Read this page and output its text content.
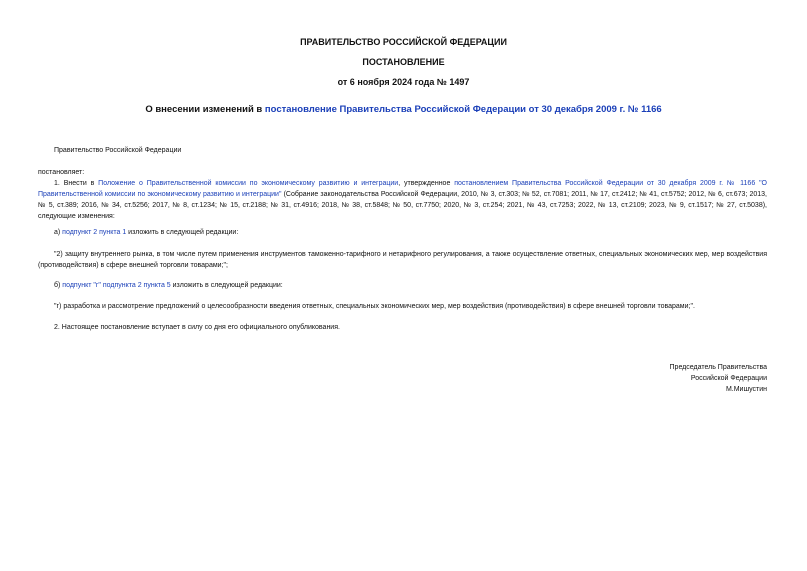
ПРАВИТЕЛЬСТВО РОССИЙСКОЙ ФЕДЕРАЦИИ
ПОСТАНОВЛЕНИЕ
от 6 ноября 2024 года № 1497
О внесении изменений в постановление Правительства Российской Федерации от 30 декабря 2009 г. № 1166

Правительство Российской Федерации

постановляет:

1. Внести в Положение о Правительственной комиссии по экономическому развитию и интеграции, утвержденное постановлением Правительства Российской Федерации от 30 декабря 2009 г. № 1166 "О Правительственной комиссии по экономическому развитию и интеграции" (Собрание законодательства Российской Федерации, 2010, № 3, ст.303; № 52, ст.7081; 2011, № 17, ст.2412; № 41, ст.5752; 2012, № 6, ст.673; 2013, № 5, ст.389; 2016, № 34, ст.5256; 2017, № 8, ст.1234; № 15, ст.2188; № 31, ст.4916; 2018, № 38, ст.5848; № 50, ст.7750; 2020, № 3, ст.254; 2021, № 43, ст.7253; 2022, № 13, ст.2109; 2023, № 9, ст.1517; № 27, ст.5038), следующие изменения:

а) подпункт 2 пункта 1 изложить в следующей редакции:

"2) защиту внутреннего рынка, в том числе путем применения инструментов таможенно-тарифного и нетарифного регулирования, а также осуществление ответных, специальных экономических мер, мер воздействия (противодействия) в сфере внешней торговли товарами;";

б) подпункт "г" подпункта 2 пункта 5 изложить в следующей редакции:

"г) разработка и рассмотрение предложений о целесообразности введения ответных, специальных экономических мер, мер воздействия (противодействия) в сфере внешней торговли товарами;".

2. Настоящее постановление вступает в силу со дня его официального опубликования.

Председатель Правительства
Российской Федерации
М.Мишустин
